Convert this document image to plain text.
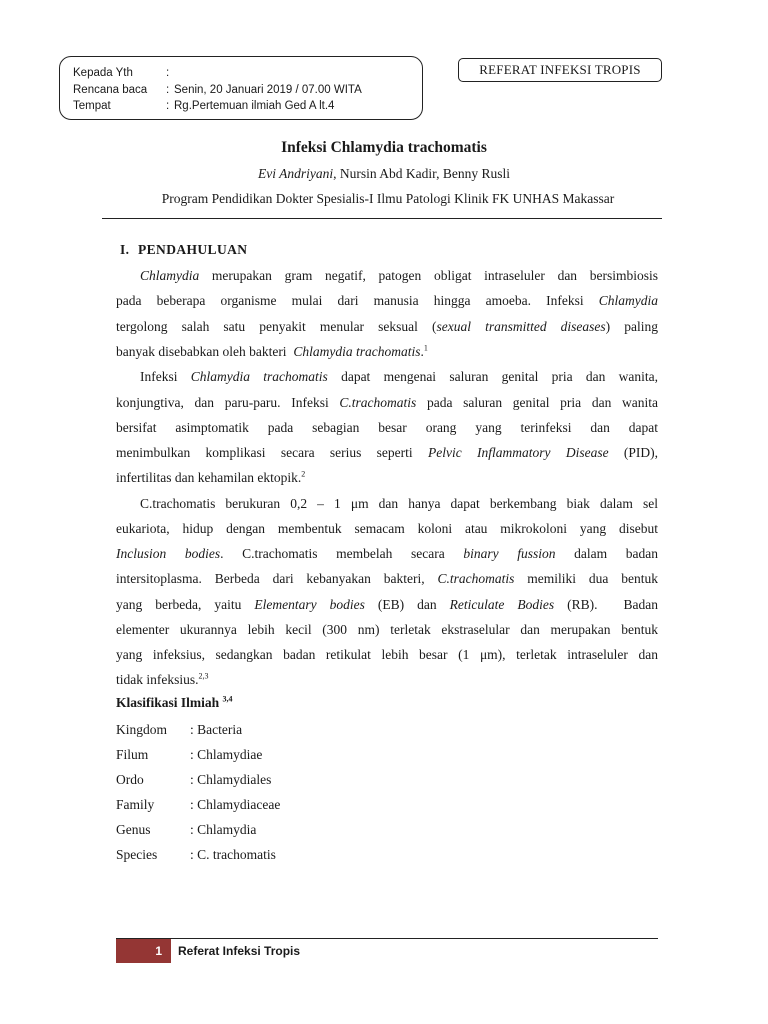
Kepada Yth	:
Rencana baca : Senin, 20 Januari 2019 / 07.00 WITA
Tempat	: Rg.Pertemuan ilmiah Ged A lt.4
REFERAT INFEKSI TROPIS
Infeksi Chlamydia trachomatis
Evi Andriyani, Nursin Abd Kadir, Benny Rusli
Program Pendidikan Dokter Spesialis-I Ilmu Patologi Klinik FK UNHAS Makassar
I. PENDAHULUAN
Chlamydia merupakan gram negatif, patogen obligat intraseluler dan bersimbiosis
pada beberapa organisme mulai dari manusia hingga amoeba. Infeksi Chlamydia
tergolong salah satu penyakit menular seksual (sexual transmitted diseases) paling
banyak disebabkan oleh bakteri  Chlamydia trachomatis.$^1$
Infeksi Chlamydia trachomatis dapat mengenai saluran genital pria dan wanita,
konjungtiva, dan paru-paru. Infeksi C.trachomatis pada saluran genital pria dan wanita
bersifat asimptomatik pada sebagian besar orang yang terinfeksi dan dapat
menimbulkan komplikasi secara serius seperti Pelvic Inflammatory Disease (PID),
infertilitas dan kehamilan ektopik.$^2$
C.trachomatis berukuran 0,2 – 1 μm dan hanya dapat berkembang biak dalam sel
eukariota, hidup dengan membentuk semacam koloni atau mikrokoloni yang disebut
Inclusion bodies. C.trachomatis membelah secara binary fussion dalam badan
intersitoplasma. Berbeda dari kebanyakan bakteri, C.trachomatis memiliki dua bentuk
yang berbeda, yaitu Elementary bodies (EB) dan Reticulate Bodies (RB).  Badan
elementer ukurannya lebih kecil (300 nm) terletak ekstraselular dan merupakan bentuk
yang infeksius, sedangkan badan retikulat lebih besar (1 μm), terletak intraseluler dan
tidak infeksius.$^{2,3}$
Klasifikasi Ilmiah $^{3,4}$
Kingdom : Bacteria
Filum	: Chlamydiae
Ordo	: Chlamydiales
Family	: Chlamydiaceae
Genus	: Chlamydia
Species : C. trachomatis
1	Referat Infeksi Tropis
